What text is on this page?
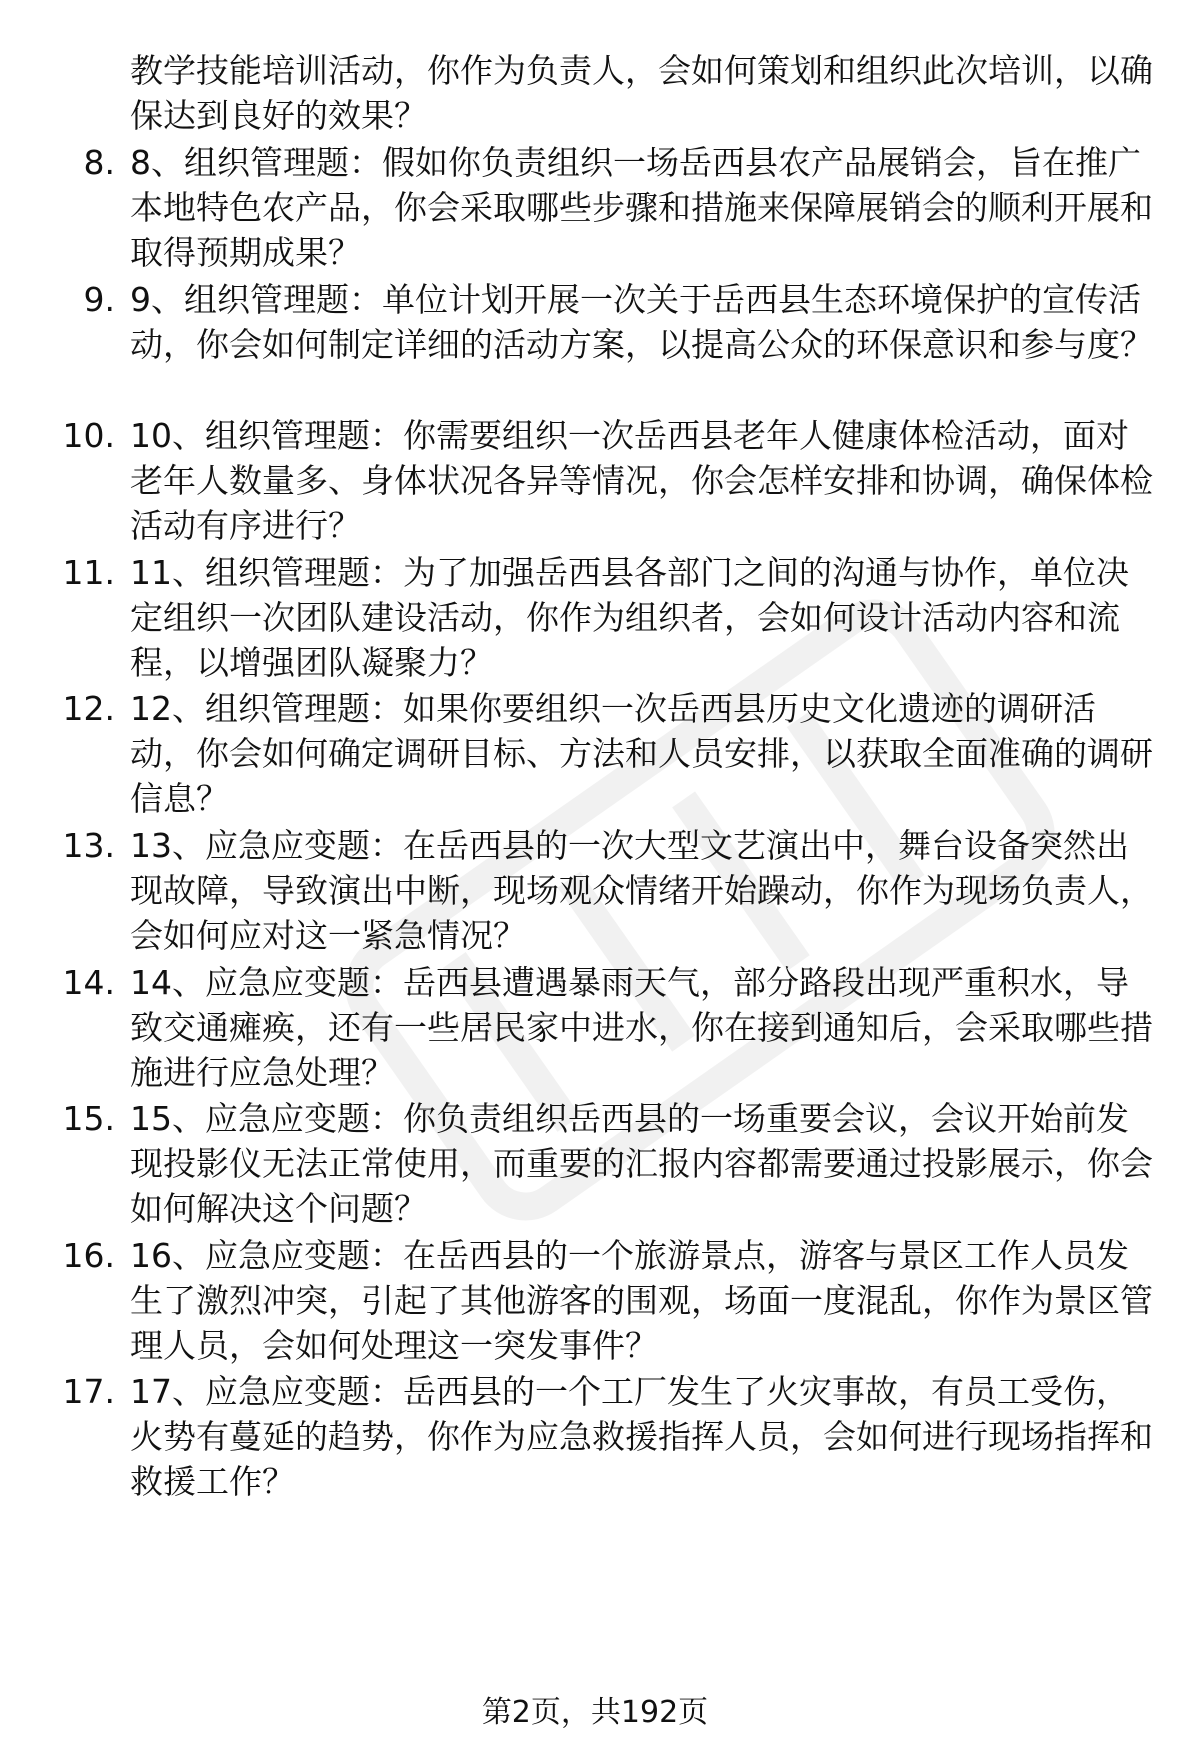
教学技能培训活动，你作为负责人，会如何策划和组织此次培训，以确保达到良好的效果？

8. 8、组织管理题：假如你负责组织一场岳西县农产品展销会，旨在推广本地特色农产品，你会采取哪些步骤和措施来保障展销会的顺利开展和取得预期成果？

9. 9、组织管理题：单位计划开展一次关于岳西县生态环境保护的宣传活动，你会如何制定详细的活动方案，以提高公众的环保意识和参与度？

10. 10、组织管理题：你需要组织一次岳西县老年人健康体检活动，面对老年人数量多、身体状况各异等情况，你会怎样安排和协调，确保体检活动有序进行？

11. 11、组织管理题：为了加强岳西县各部门之间的沟通与协作，单位决定组织一次团队建设活动，你作为组织者，会如何设计活动内容和流程，以增强团队凝聚力？

12. 12、组织管理题：如果你要组织一次岳西县历史文化遗迹的调研活动，你会如何确定调研目标、方法和人员安排，以获取全面准确的调研信息？

13. 13、应急应变题：在岳西县的一次大型文艺演出中，舞台设备突然出现故障，导致演出中断，现场观众情绪开始躁动，你作为现场负责人，会如何应对这一紧急情况？

14. 14、应急应变题：岳西县遭遇暴雨天气，部分路段出现严重积水，导致交通瘫痪，还有一些居民家中进水，你在接到通知后，会采取哪些措施进行应急处理？

15. 15、应急应变题：你负责组织岳西县的一场重要会议，会议开始前发现投影仪无法正常使用，而重要的汇报内容都需要通过投影展示，你会如何解决这个问题？

16. 16、应急应变题：在岳西县的一个旅游景点，游客与景区工作人员发生了激烈冲突，引起了其他游客的围观，场面一度混乱，你作为景区管理人员，会如何处理这一突发事件？

17. 17、应急应变题：岳西县的一个工厂发生了火灾事故，有员工受伤，火势有蔓延的趋势，你作为应急救援指挥人员，会如何进行现场指挥和救援工作？

第2页，共192页
